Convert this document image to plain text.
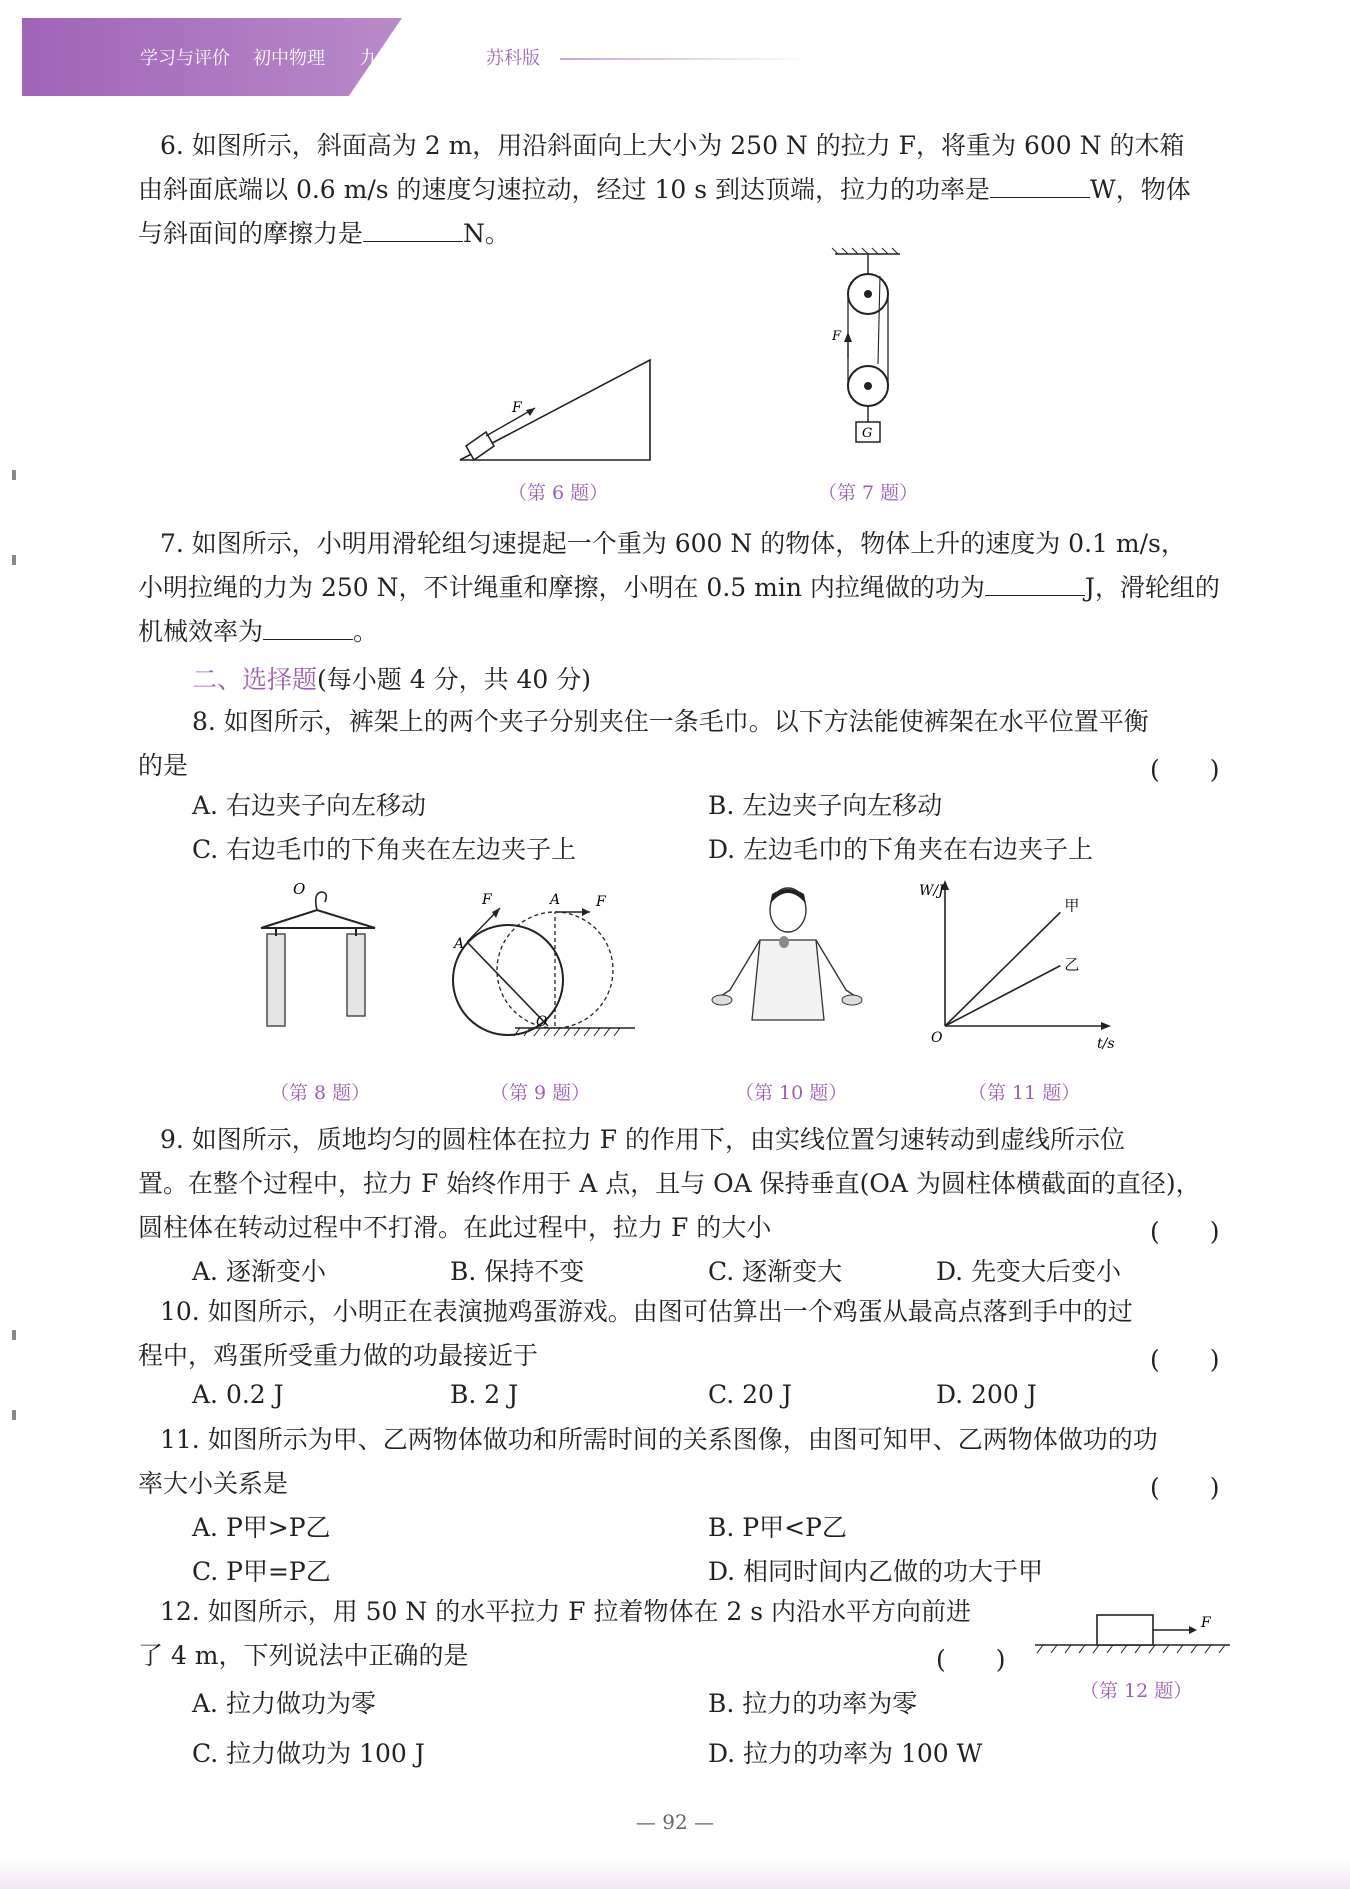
学习与评价 初中物理	九年级上册 苏科版
6. 如图所示，斜面高为 2 m，用沿斜面向上大小为 250 N 的拉力 F，将重为 600 N 的木箱
由斜面底端以 0.6 m/s 的速度匀速拉动，经过 10 s 到达顶端，拉力的功率是	W，物体
与斜面间的摩擦力是	N。
F
（第 6 题）
G
F
（第 7 题）
7. 如图所示，小明用滑轮组匀速提起一个重为 600 N 的物体，物体上升的速度为 0.1 m/s，
小明拉绳的力为 250 N，不计绳重和摩擦，小明在 0.5 min 内拉绳做的功为	J，滑轮组的
机械效率为	。
二、选择题(每小题 4 分，共 40 分)
8. 如图所示，裤架上的两个夹子分别夹住一条毛巾。以下方法能使裤架在水平位置平衡
的是	(　　)
A. 右边夹子向左移动	B. 左边夹子向左移动
C. 右边毛巾的下角夹在左边夹子上	D. 左边毛巾的下角夹在右边夹子上
O
（第 8 题）
F	F
A
A
O
（第 9 题）	（第 10 题）
W/J
t/s
O
甲
乙
（第 11 题）
9. 如图所示，质地均匀的圆柱体在拉力 F 的作用下，由实线位置匀速转动到虚线所示位
置。在整个过程中，拉力 F 始终作用于 A 点，且与 OA 保持垂直(OA 为圆柱体横截面的直径)，
圆柱体在转动过程中不打滑。在此过程中，拉力 F 的大小	(　　)
A. 逐渐变小	B. 保持不变	C. 逐渐变大	D. 先变大后变小
10. 如图所示，小明正在表演抛鸡蛋游戏。由图可估算出一个鸡蛋从最高点落到手中的过
程中，鸡蛋所受重力做的功最接近于	(　　)
A. 0.2 J	B. 2 J	C. 20 J	D. 200 J
11. 如图所示为甲、乙两物体做功和所需时间的关系图像，由图可知甲、乙两物体做功的功
率大小关系是	(　　)
A. P甲>P乙	B. P甲<P乙
C. P甲=P乙	D. 相同时间内乙做的功大于甲
12. 如图所示，用 50 N 的水平拉力 F 拉着物体在 2 s 内沿水平方向前进
了 4 m，下列说法中正确的是	(　　)
A. 拉力做功为零	B. 拉力的功率为零
C. 拉力做功为 100 J	D. 拉力的功率为 100 W
F
（第 12 题）
— 92 —
